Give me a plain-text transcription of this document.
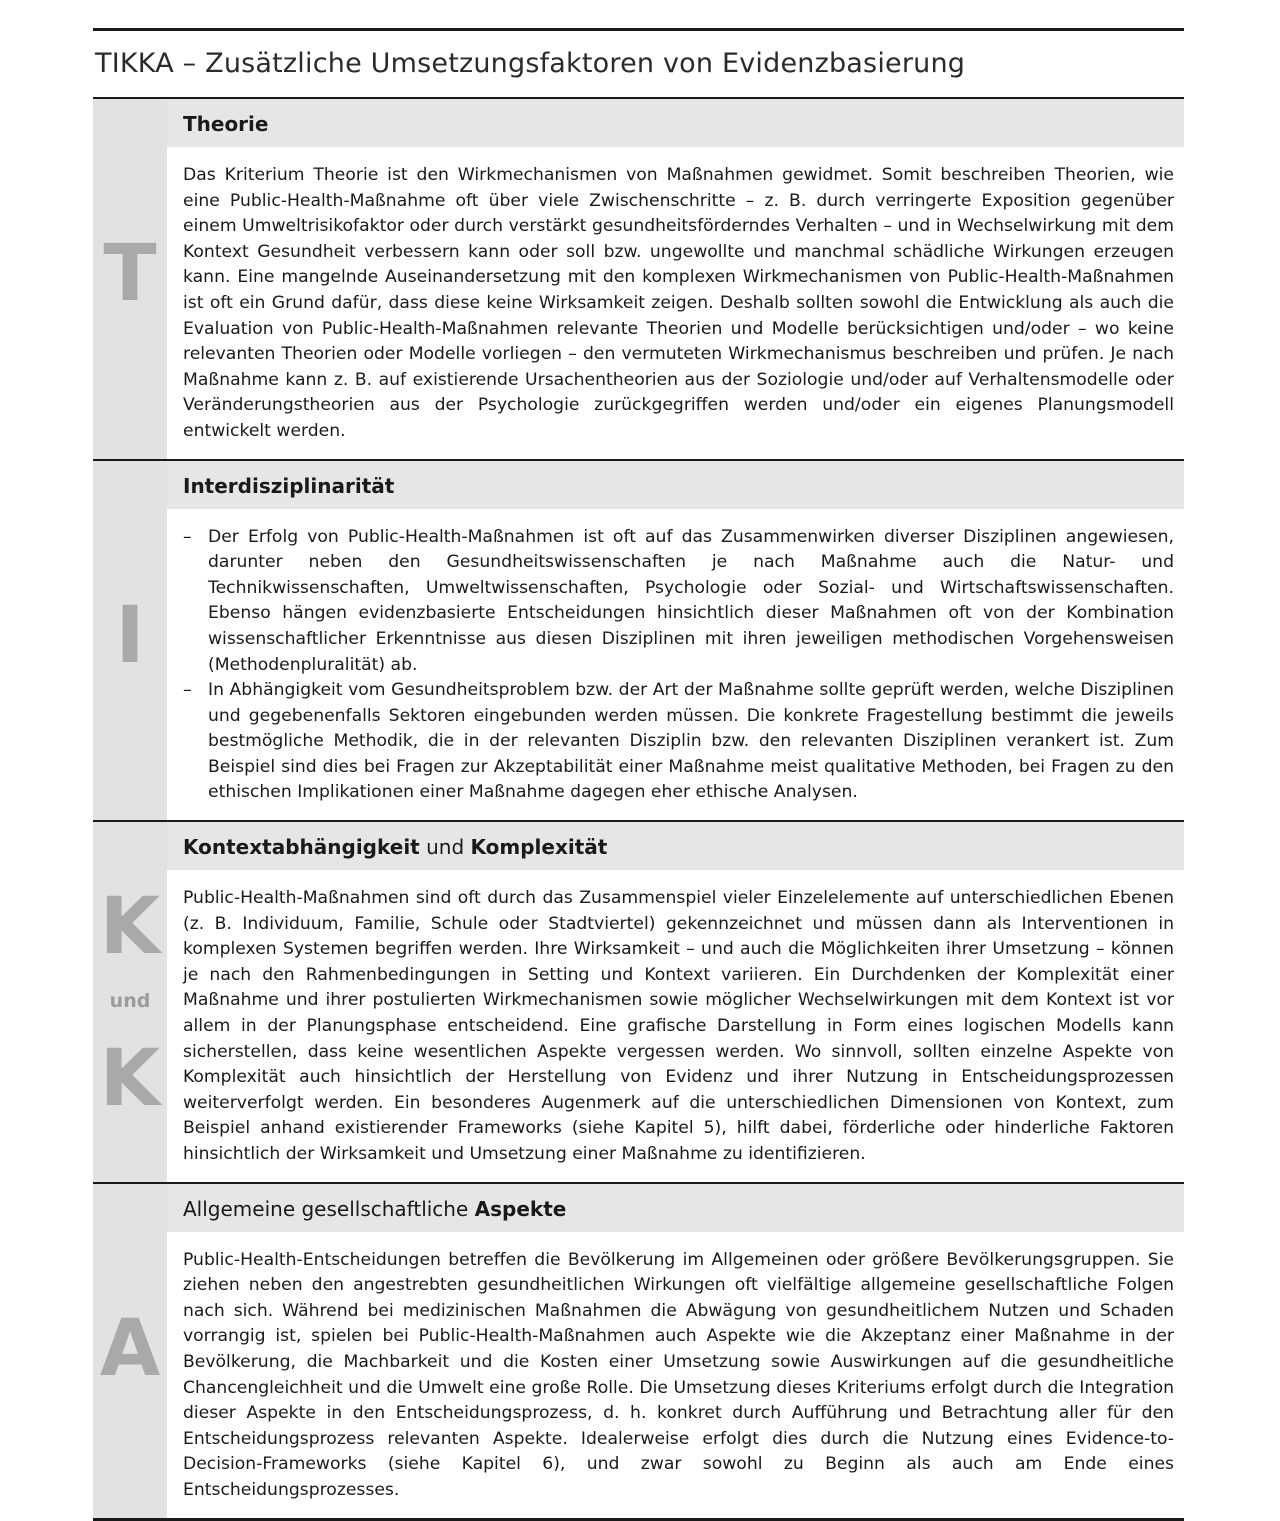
TIKKA – Zusätzliche Umsetzungsfaktoren von Evidenzbasierung
T
Theorie
Das Kriterium Theorie ist den Wirkmechanismen von Maßnahmen gewidmet. Somit beschreiben Theorien, wie eine Public-Health-Maßnahme oft über viele Zwischenschritte – z. B. durch verringerte Exposition gegenüber einem Umweltrisikofaktor oder durch verstärkt gesundheitsförderndes Verhalten – und in Wechselwirkung mit dem Kontext Gesundheit verbessern kann oder soll bzw. ungewollte und manchmal schädliche Wirkungen erzeugen kann. Eine mangelnde Auseinandersetzung mit den komplexen Wirkmechanismen von Public-Health-Maßnahmen ist oft ein Grund dafür, dass diese keine Wirksamkeit zeigen. Deshalb sollten sowohl die Entwicklung als auch die Evaluation von Public-Health-Maßnahmen relevante Theorien und Modelle berücksichtigen und/oder – wo keine relevanten Theorien oder Modelle vorliegen – den vermuteten Wirkmechanismus beschreiben und prüfen. Je nach Maßnahme kann z. B. auf existierende Ursachentheorien aus der Soziologie und/oder auf Verhaltensmodelle oder Veränderungstheorien aus der Psychologie zurückgegriffen werden und/oder ein eigenes Planungsmodell entwickelt werden.
I
Interdisziplinarität
– Der Erfolg von Public-Health-Maßnahmen ist oft auf das Zusammenwirken diverser Disziplinen angewiesen, darunter neben den Gesundheitswissenschaften je nach Maßnahme auch die Natur- und Technikwissenschaften, Umweltwissenschaften, Psychologie oder Sozial- und Wirtschaftswissenschaften. Ebenso hängen evidenzbasierte Entscheidungen hinsichtlich dieser Maßnahmen oft von der Kombination wissenschaftlicher Erkenntnisse aus diesen Disziplinen mit ihren jeweiligen methodischen Vorgehensweisen (Methodenpluralität) ab.
– In Abhängigkeit vom Gesundheitsproblem bzw. der Art der Maßnahme sollte geprüft werden, welche Disziplinen und gegebenenfalls Sektoren eingebunden werden müssen. Die konkrete Fragestellung bestimmt die jeweils bestmögliche Methodik, die in der relevanten Disziplin bzw. den relevanten Disziplinen verankert ist. Zum Beispiel sind dies bei Fragen zur Akzeptabilität einer Maßnahme meist qualitative Methoden, bei Fragen zu den ethischen Implikationen einer Maßnahme dagegen eher ethische Analysen.
K
und
K
Kontextabhängigkeit und Komplexität
Public-Health-Maßnahmen sind oft durch das Zusammenspiel vieler Einzelelemente auf unterschiedlichen Ebenen (z. B. Individuum, Familie, Schule oder Stadtviertel) gekennzeichnet und müssen dann als Interventionen in komplexen Systemen begriffen werden. Ihre Wirksamkeit – und auch die Möglichkeiten ihrer Umsetzung – können je nach den Rahmenbedingungen in Setting und Kontext variieren. Ein Durchdenken der Komplexität einer Maßnahme und ihrer postulierten Wirkmechanismen sowie möglicher Wechselwirkungen mit dem Kontext ist vor allem in der Planungsphase entscheidend. Eine grafische Darstellung in Form eines logischen Modells kann sicherstellen, dass keine wesentlichen Aspekte vergessen werden. Wo sinnvoll, sollten einzelne Aspekte von Komplexität auch hinsichtlich der Herstellung von Evidenz und ihrer Nutzung in Entscheidungsprozessen weiterverfolgt werden. Ein besonderes Augenmerk auf die unterschiedlichen Dimensionen von Kontext, zum Beispiel anhand existierender Frameworks (siehe Kapitel 5), hilft dabei, förderliche oder hinderliche Faktoren hinsichtlich der Wirksamkeit und Umsetzung einer Maßnahme zu identifizieren.
A
Allgemeine gesellschaftliche Aspekte
Public-Health-Entscheidungen betreffen die Bevölkerung im Allgemeinen oder größere Bevölkerungsgruppen. Sie ziehen neben den angestrebten gesundheitlichen Wirkungen oft vielfältige allgemeine gesellschaftliche Folgen nach sich. Während bei medizinischen Maßnahmen die Abwägung von gesundheitlichem Nutzen und Schaden vorrangig ist, spielen bei Public-Health-Maßnahmen auch Aspekte wie die Akzeptanz einer Maßnahme in der Bevölkerung, die Machbarkeit und die Kosten einer Umsetzung sowie Auswirkungen auf die gesundheitliche Chancengleichheit und die Umwelt eine große Rolle. Die Umsetzung dieses Kriteriums erfolgt durch die Integration dieser Aspekte in den Entscheidungsprozess, d. h. konkret durch Aufführung und Betrachtung aller für den Entscheidungsprozess relevanten Aspekte. Idealerweise erfolgt dies durch die Nutzung eines Evidence-to-Decision-Frameworks (siehe Kapitel 6), und zwar sowohl zu Beginn als auch am Ende eines Entscheidungsprozesses.
